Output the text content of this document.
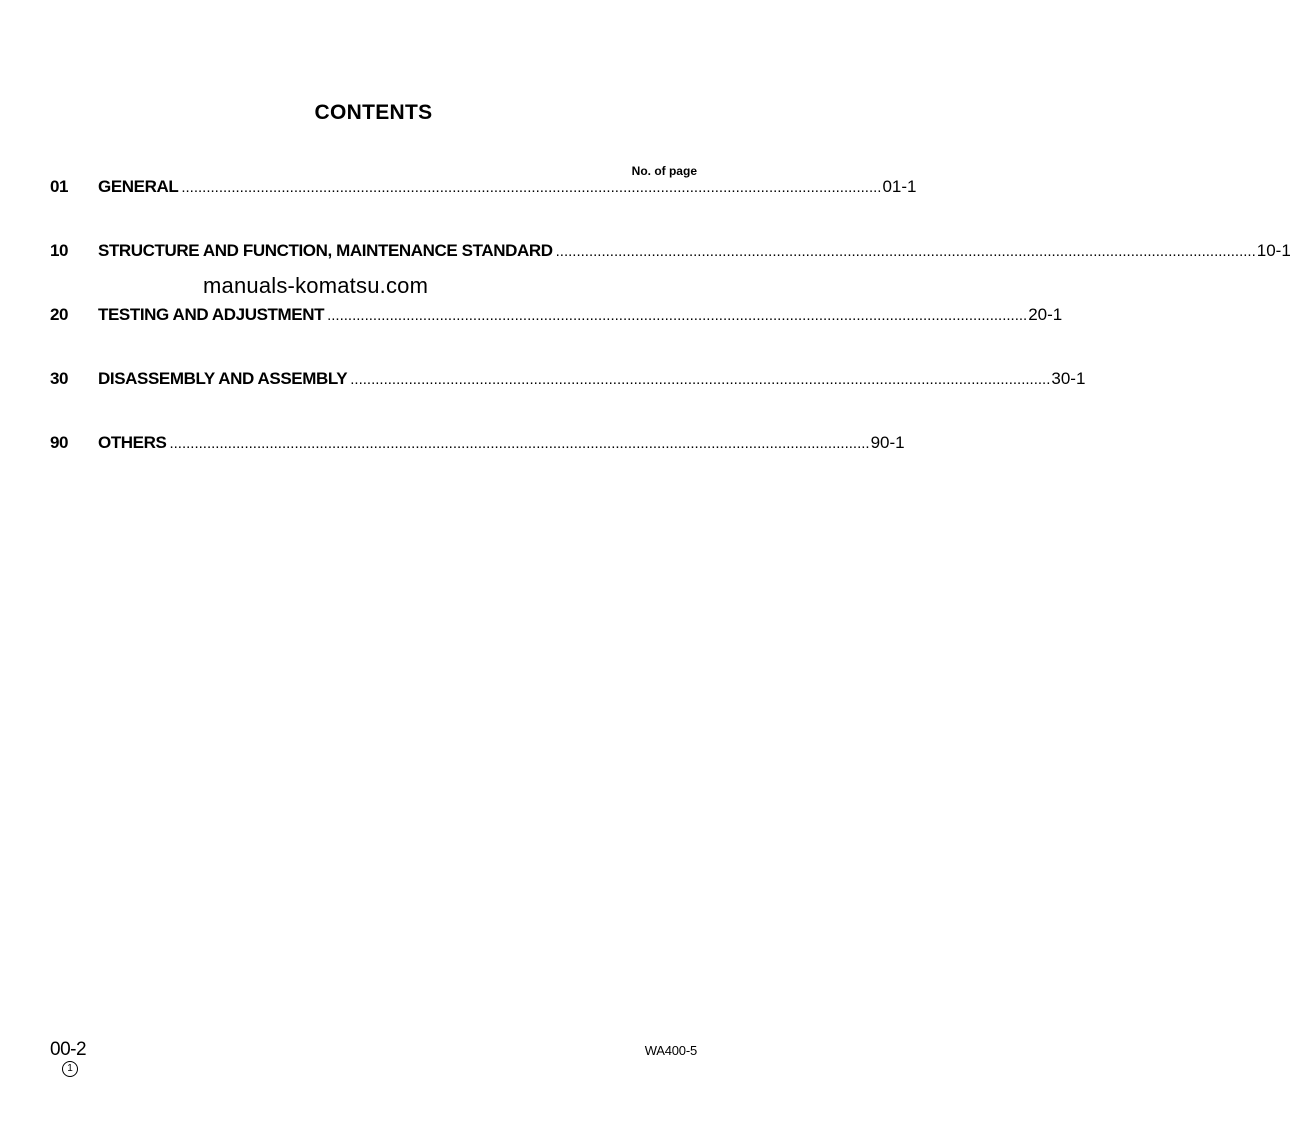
CONTENTS
No. of page
01	GENERAL ........................................................................................................................................................................ 01-1
10	STRUCTURE AND FUNCTION, MAINTENANCE STANDARD ........................................................................................................................................................................ 10-1
manuals-komatsu.com
20	TESTING AND ADJUSTMENT ........................................................................................................................................................................ 20-1
30	DISASSEMBLY AND ASSEMBLY ........................................................................................................................................................................ 30-1
90	OTHERS ........................................................................................................................................................................ 90-1
00-2
1
WA400-5
